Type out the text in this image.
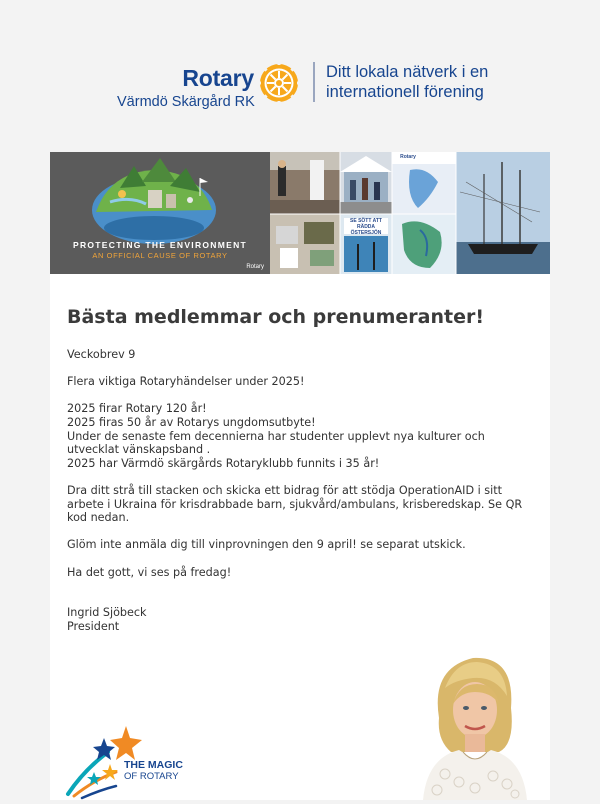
Rotary
Värmdö Skärgård RK
Ditt lokala nätverk i en internationell förening
PROTECTING THE ENVIRONMENT
AN OFFICIAL CAUSE OF ROTARY
Rotary
SE SÖTT ATT RÄDDA ÖSTERSJÖN
Rotary
Bästa medlemmar och prenumeranter!

Veckobrev 9

Flera viktiga Rotaryhändelser under 2025!

2025 firar Rotary 120 år!
2025 firas 50 år av Rotarys ungdomsutbyte!
Under de senaste fem decennierna har studenter upplevt nya kulturer och utvecklat vänskapsband .
2025 har Värmdö skärgårds Rotaryklubb funnits i 35 år!

Dra ditt strå till stacken och skicka ett bidrag för att stödja OperationAID i sitt arbete i Ukraina för krisdrabbade barn, sjukvård/ambulans, krisberedskap. Se QR kod nedan.

Glöm inte anmäla dig till vinprovningen den 9 april! se separat utskick.

Ha det gott, vi ses på fredag!

Ingrid Sjöbeck
President

THE MAGIC
OF ROTARY
